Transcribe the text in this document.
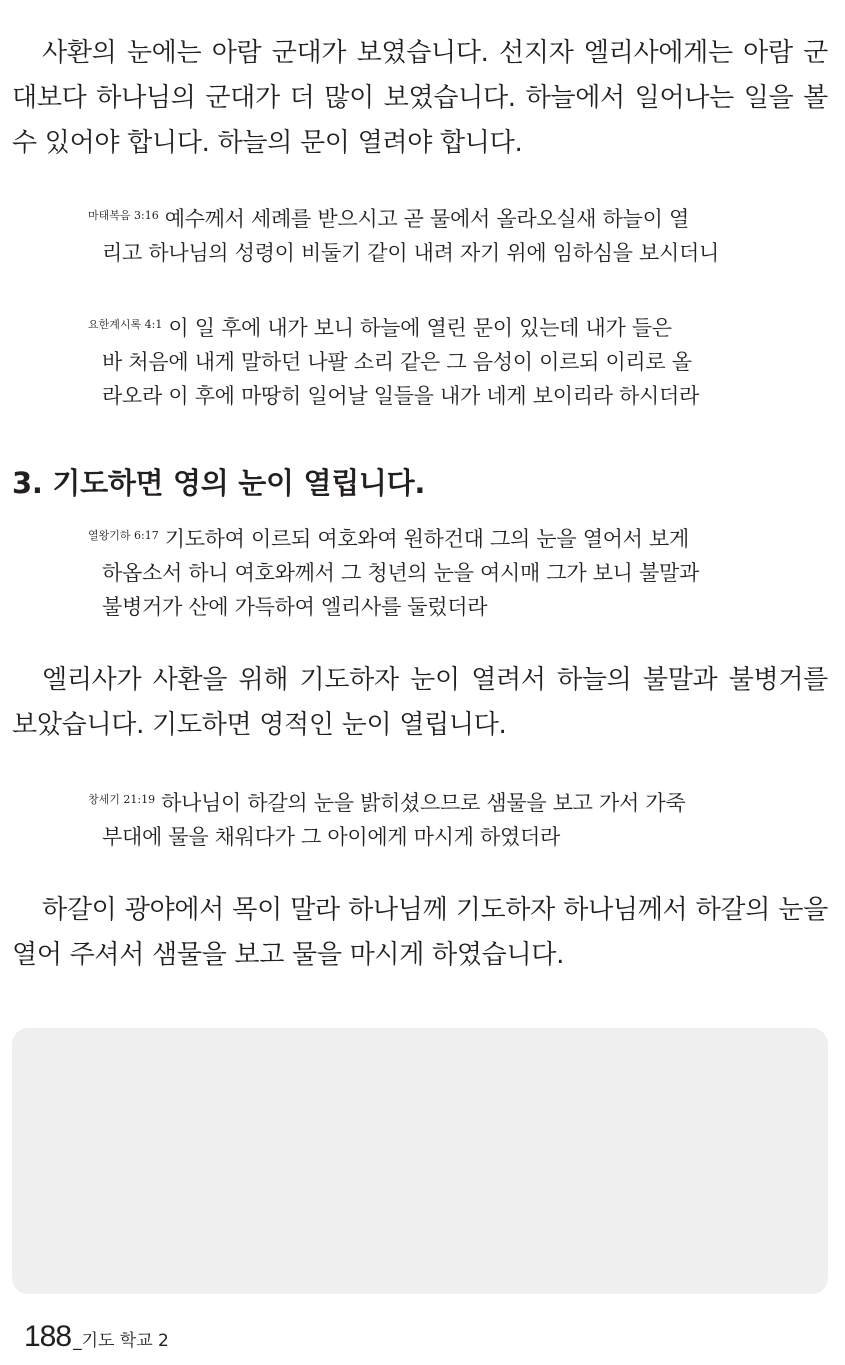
사환의 눈에는 아람 군대가 보였습니다. 선지자 엘리사에게는 아람 군대보다 하나님의 군대가 더 많이 보였습니다. 하늘에서 일어나는 일을 볼 수 있어야 합니다. 하늘의 문이 열려야 합니다.

$^{마태복음 3:16}$ 예수께서 세례를 받으시고 곧 물에서 올라오실새 하늘이 열
리고 하나님의 성령이 비둘기 같이 내려 자기 위에 임하심을 보시더니
$^{요한계시록 4:1}$ 이 일 후에 내가 보니 하늘에 열린 문이 있는데 내가 들은
바 처음에 내게 말하던 나팔 소리 같은 그 음성이 이르되 이리로 올
라오라 이 후에 마땅히 일어날 일들을 내가 네게 보이리라 하시더라
3. 기도하면 영의 눈이 열립니다.
$^{열왕기하 6:17}$ 기도하여 이르되 여호와여 원하건대 그의 눈을 열어서 보게
하옵소서 하니 여호와께서 그 청년의 눈을 여시매 그가 보니 불말과
불병거가 산에 가득하여 엘리사를 둘렀더라

엘리사가 사환을 위해 기도하자 눈이 열려서 하늘의 불말과 불병거를 보았습니다. 기도하면 영적인 눈이 열립니다.

$^{창세기 21:19}$ 하나님이 하갈의 눈을 밝히셨으므로 샘물을 보고 가서 가죽
부대에 물을 채워다가 그 아이에게 마시게 하였더라

하갈이 광야에서 목이 말라 하나님께 기도하자 하나님께서 하갈의 눈을 열어 주셔서 샘물을 보고 물을 마시게 하였습니다.

188 _기도 학교 2
